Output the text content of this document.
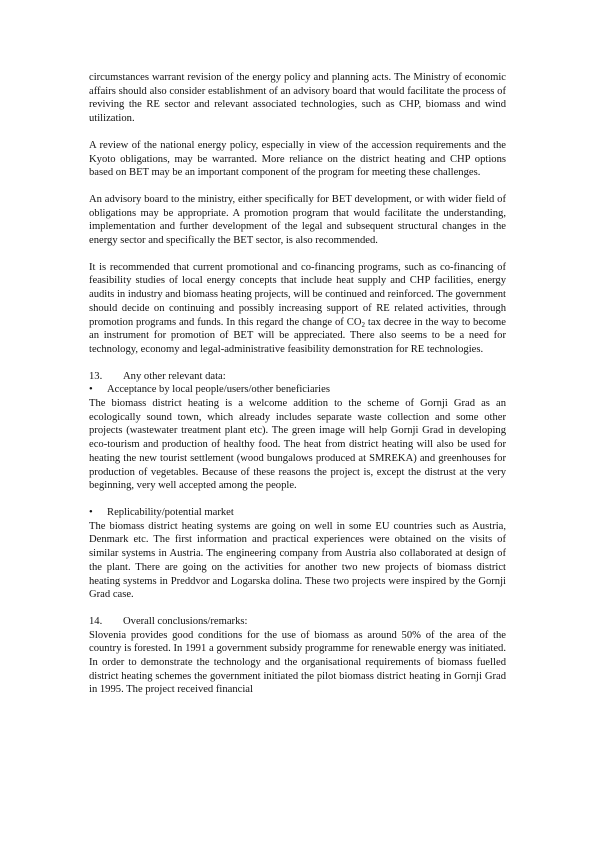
circumstances warrant revision of the energy policy and planning acts. The Ministry of economic affairs should also consider establishment of an advisory board that would facilitate the process of reviving the RE sector and relevant associated technologies, such as CHP, biomass and wind utilization.

A review of the national energy policy, especially in view of the accession requirements and the Kyoto obligations, may be warranted. More reliance on the district heating and CHP options based on BET may be an important component of the program for meeting these challenges.

An advisory board to the ministry, either specifically for BET development, or with wider field of obligations may be appropriate. A promotion program that would facilitate the understanding, implementation and further development of the legal and subsequent structural changes in the energy sector and specifically the BET sector, is also recommended.

It is recommended that current promotional and co-financing programs, such as co-financing of feasibility studies of local energy concepts that include heat supply and CHP facilities, energy audits in industry and biomass heating projects, will be continued and reinforced. The government should decide on continuing and possibly increasing support of RE related activities, through promotion programs and funds. In this regard the change of $CO_2$ tax decree in the way to become an instrument for promotion of BET will be appreciated. There also seems to be a need for technology, economy and legal-administrative feasibility demonstration for RE technologies.

13.	Any other relevant data:
•	Acceptance by local people/users/other beneficiaries

The biomass district heating is a welcome addition to the scheme of Gornji Grad as an ecologically sound town, which already includes separate waste collection and some other projects (wastewater treatment plant etc). The green image will help Gornji Grad in developing eco-tourism and production of healthy food. The heat from district heating will also be used for heating the new tourist settlement (wood bungalows produced at SMREKA) and greenhouses for production of vegetables. Because of these reasons the project is, except the distrust at the very beginning, very well accepted among the people.

•	Replicability/potential market

The biomass district heating systems are going on well in some EU countries such as Austria, Denmark etc. The first information and practical experiences were obtained on the visits of similar systems in Austria. The engineering company from Austria also collaborated at design of the plant. There are going on the activities for another two new projects of biomass district heating systems in Preddvor and Logarska dolina. These two projects were inspired by the Gornji Grad case.

14.	Overall conclusions/remarks:

Slovenia provides good conditions for the use of biomass as around 50% of the area of the country is forested. In 1991 a government subsidy programme for renewable energy was initiated. In order to demonstrate the technology and the organisational requirements of biomass fuelled district heating schemes the government initiated the pilot biomass district heating in Gornji Grad in 1995. The project received financial
